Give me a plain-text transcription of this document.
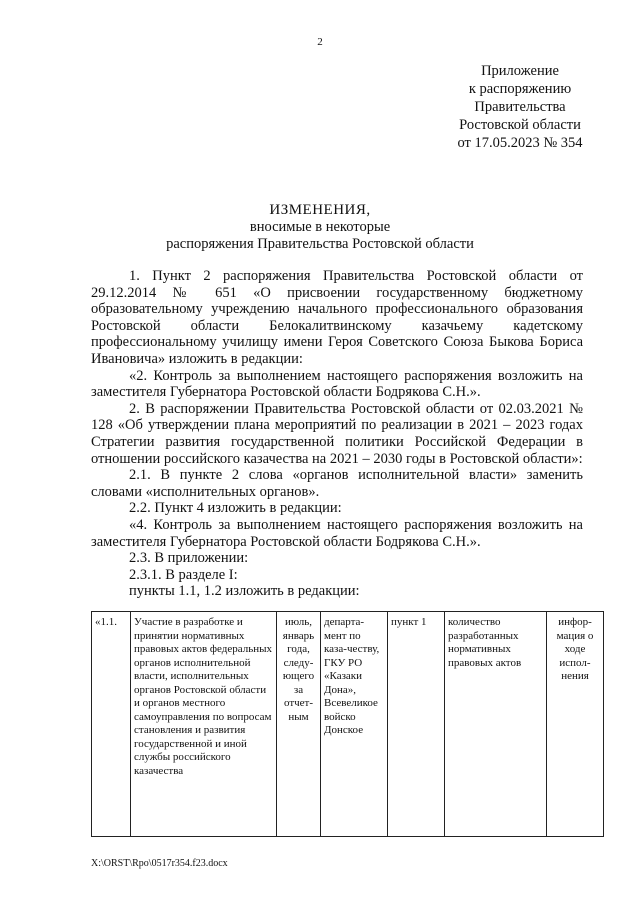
2
Приложение
к распоряжению
Правительства
Ростовской области
от 17.05.2023 № 354
ИЗМЕНЕНИЯ,
вносимые в некоторые
распоряжения Правительства Ростовской области

1. Пункт 2 распоряжения Правительства Ростовской области от 29.12.2014 № 651 «О присвоении государственному бюджетному образовательному учреждению начального профессионального образования Ростовской области Белокалитвинскому казачьему кадетскому профессиональному училищу имени Героя Советского Союза Быкова Бориса Ивановича» изложить в редакции:

«2. Контроль за выполнением настоящего распоряжения возложить на заместителя Губернатора Ростовской области Бодрякова С.Н.».

2. В распоряжении Правительства Ростовской области от 02.03.2021 № 128 «Об утверждении плана мероприятий по реализации в 2021 – 2023 годах Стратегии развития государственной политики Российской Федерации в отношении российского казачества на 2021 – 2030 годы в Ростовской области»:

2.1. В пункте 2 слова «органов исполнительной власти» заменить словами «исполнительных органов».

2.2. Пункт 4 изложить в редакции:

«4. Контроль за выполнением настоящего распоряжения возложить на заместителя Губернатора Ростовской области Бодрякова С.Н.».

2.3. В приложении:

2.3.1. В разделе I:

пункты 1.1, 1.2 изложить в редакции:

«1.1.	Участие в разработке и принятии нормативных правовых актов федеральных органов исполнительной власти, исполнительных органов Ростовской области и органов местного самоуправления по вопросам становления и развития государственной и иной службы российского казачества	июль, январь года, следу-ющего за отчет-ным	департа-мент по каза-честву, ГКУ РО «Казаки Дона», Всевеликое войско Донское	пункт 1	количество разработанных нормативных правовых актов	инфор-мация о ходе испол-нения
X:\ORST\Rpo\0517r354.f23.docx
